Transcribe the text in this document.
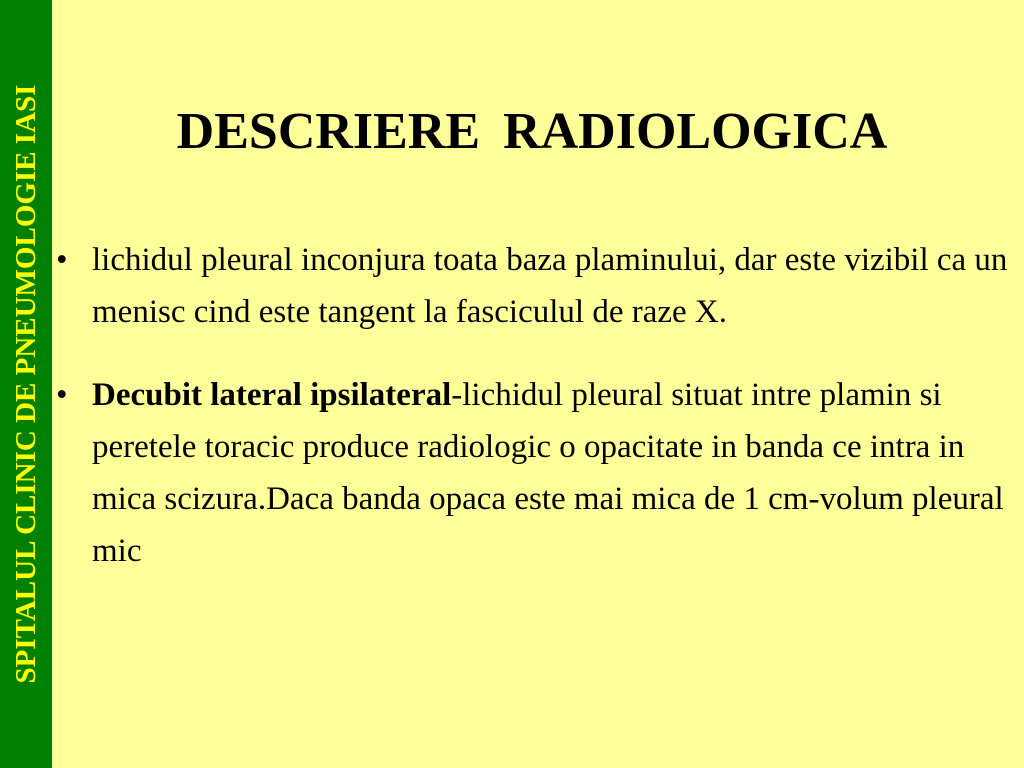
SPITALUL CLINIC DE PNEUMOLOGIE IASI	DESCRIERE RADIOLOGICA
• lichidul pleural inconjura toata baza plaminului, dar este vizibil ca un menisc cind este tangent la fasciculul de raze X.
• Decubit lateral ipsilateral-lichidul pleural situat intre plamin si peretele toracic produce radiologic o opacitate in banda ce intra in mica scizura.Daca banda opaca este mai mica de 1 cm-volum pleural mic
